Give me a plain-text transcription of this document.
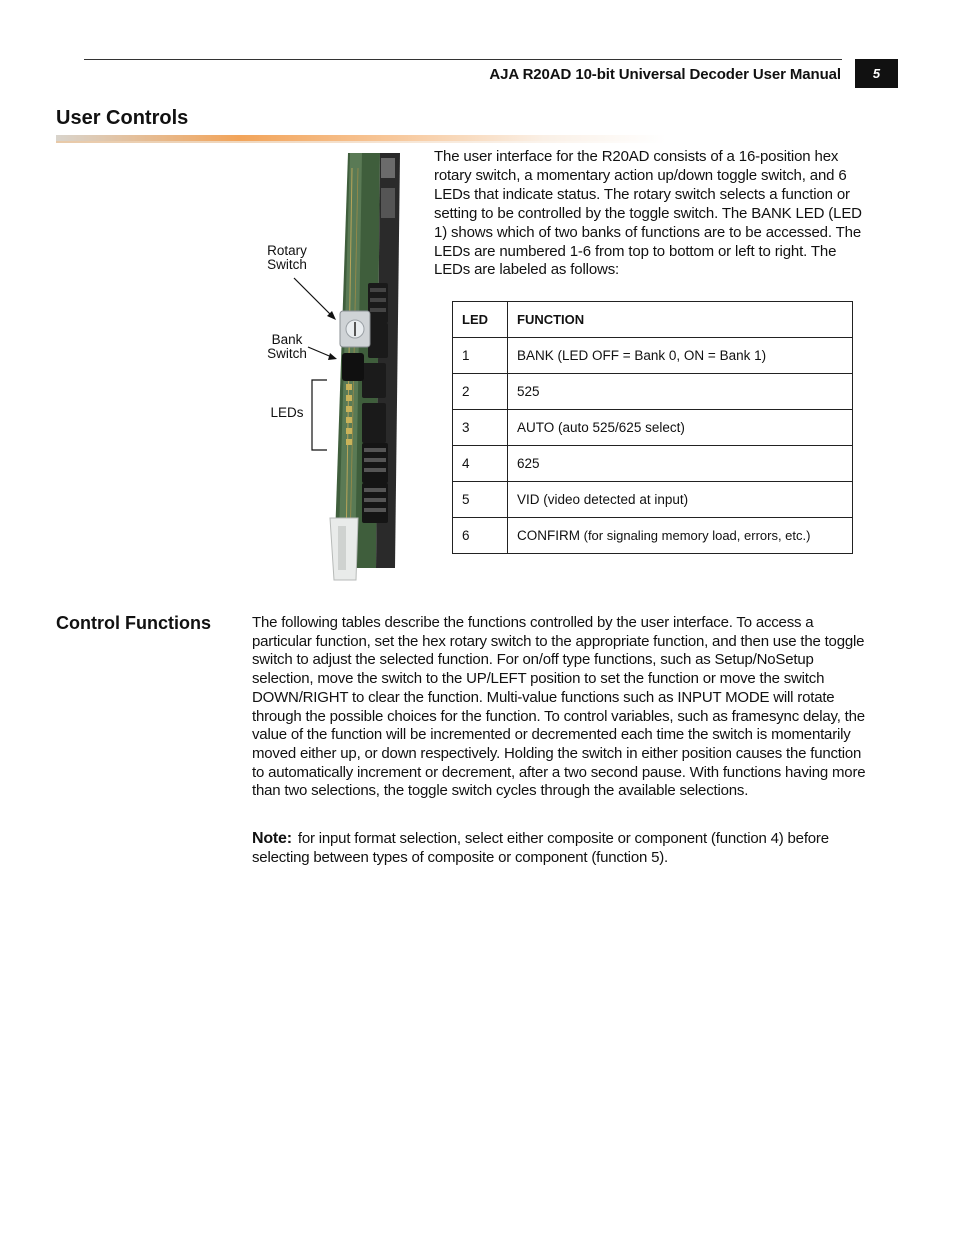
AJA R20AD 10-bit Universal Decoder User Manual	5
User Controls
Rotary
Switch
Bank
Switch
LEDs
The user interface for the R20AD consists of a 16-position hex rotary switch, a momentary action up/down toggle switch, and 6 LEDs that indicate status. The rotary switch selects a function or setting to be controlled by the toggle switch. The BANK LED (LED 1) shows which of two banks of functions are to be accessed. The LEDs are numbered 1-6 from top to bottom or left to right. The LEDs are labeled as follows:
LED	FUNCTION
1	BANK (LED OFF = Bank 0, ON = Bank 1)
2	525
3	AUTO (auto 525/625 select)
4	625
5	VID (video detected at input)
6	CONFIRM (for signaling memory load, errors, etc.)
Control Functions	The following tables describe the functions controlled by the user interface. To access a particular function, set the hex rotary switch to the appropriate function, and then use the toggle switch to adjust the selected function. For on/off type functions, such as Setup/NoSetup selection, move the switch to the UP/LEFT position to set the function or move the switch DOWN/RIGHT to clear the function. Multi-value functions such as INPUT MODE will rotate through the possible choices for the function. To control variables, such as framesync delay, the value of the function will be incremented or decremented each time the switch is momentarily moved either up, or down respectively. Holding the switch in either position causes the function to automatically increment or decrement, after a two second pause. With functions having more than two selections, the toggle switch cycles through the available selections.
Note: for input format selection, select either composite or component (function 4) before selecting between types of composite or component (function 5).
